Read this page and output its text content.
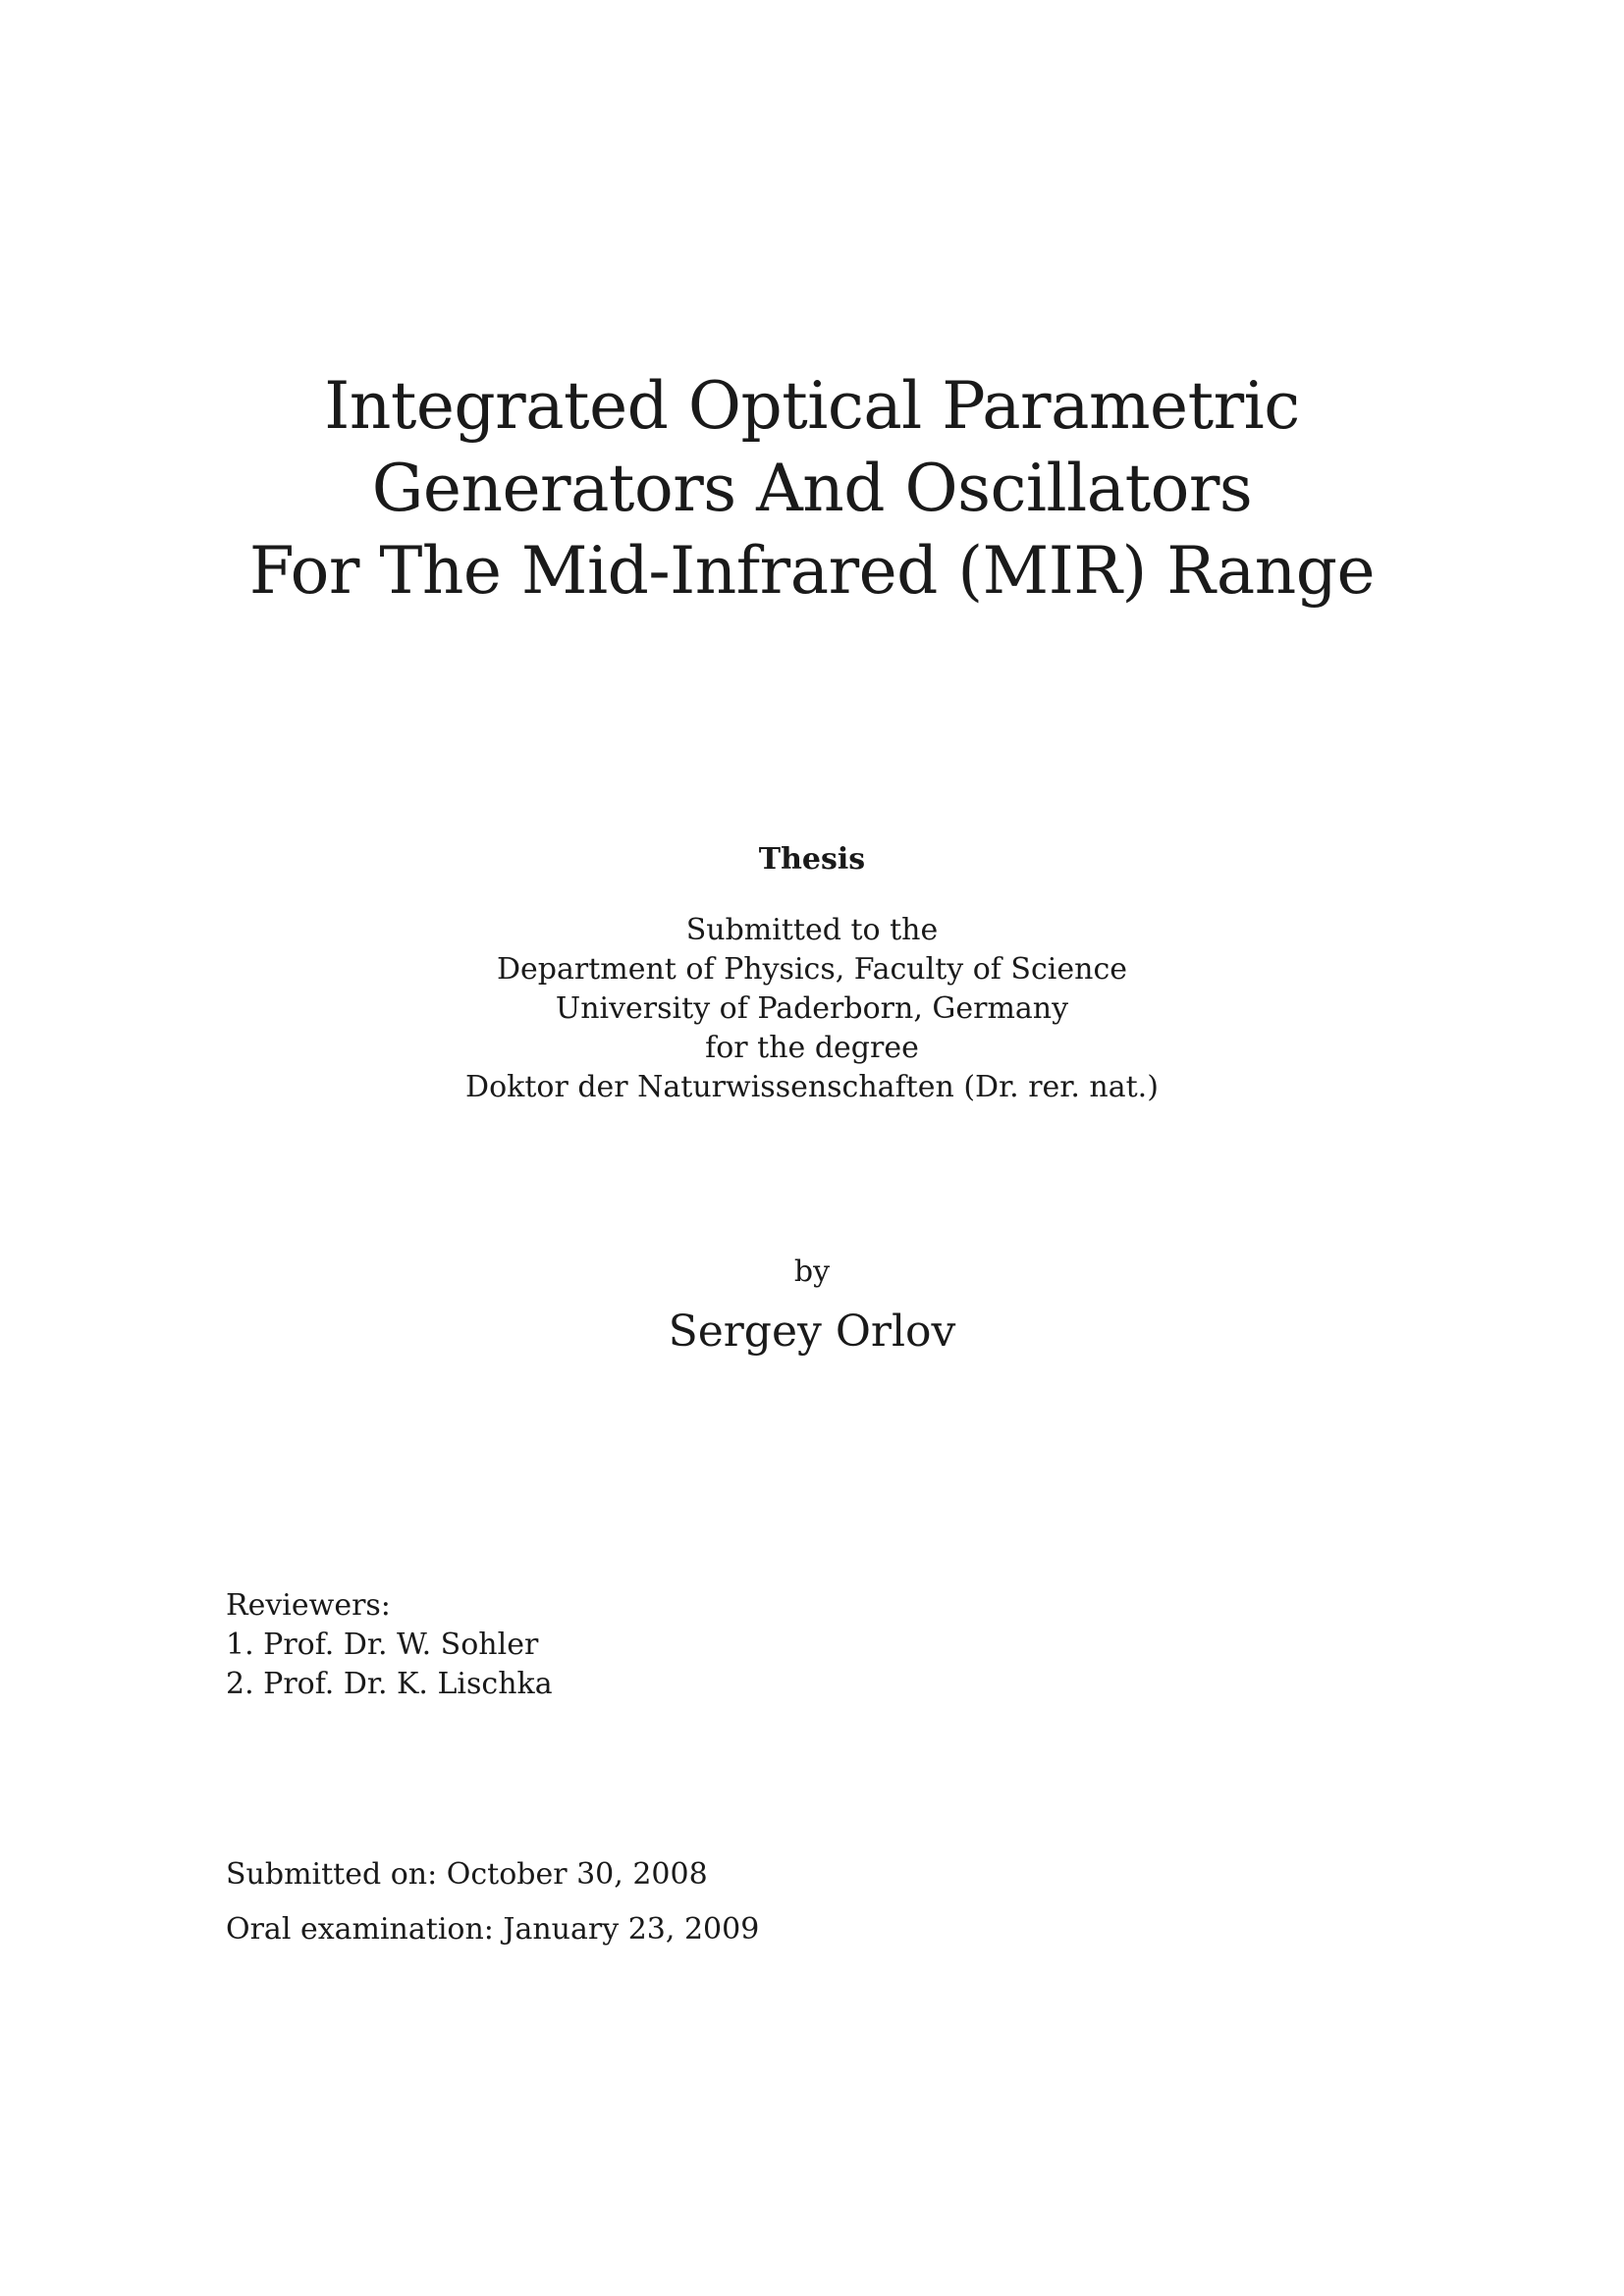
Integrated Optical Parametric
Generators And Oscillators
For The Mid-Infrared (MIR) Range
Thesis
Submitted to the
Department of Physics, Faculty of Science
University of Paderborn, Germany
for the degree
Doktor der Naturwissenschaften (Dr. rer. nat.)
by
Sergey Orlov
Reviewers:
1. Prof. Dr. W. Sohler
2. Prof. Dr. K. Lischka
Submitted on: October 30, 2008
Oral examination: January 23, 2009
